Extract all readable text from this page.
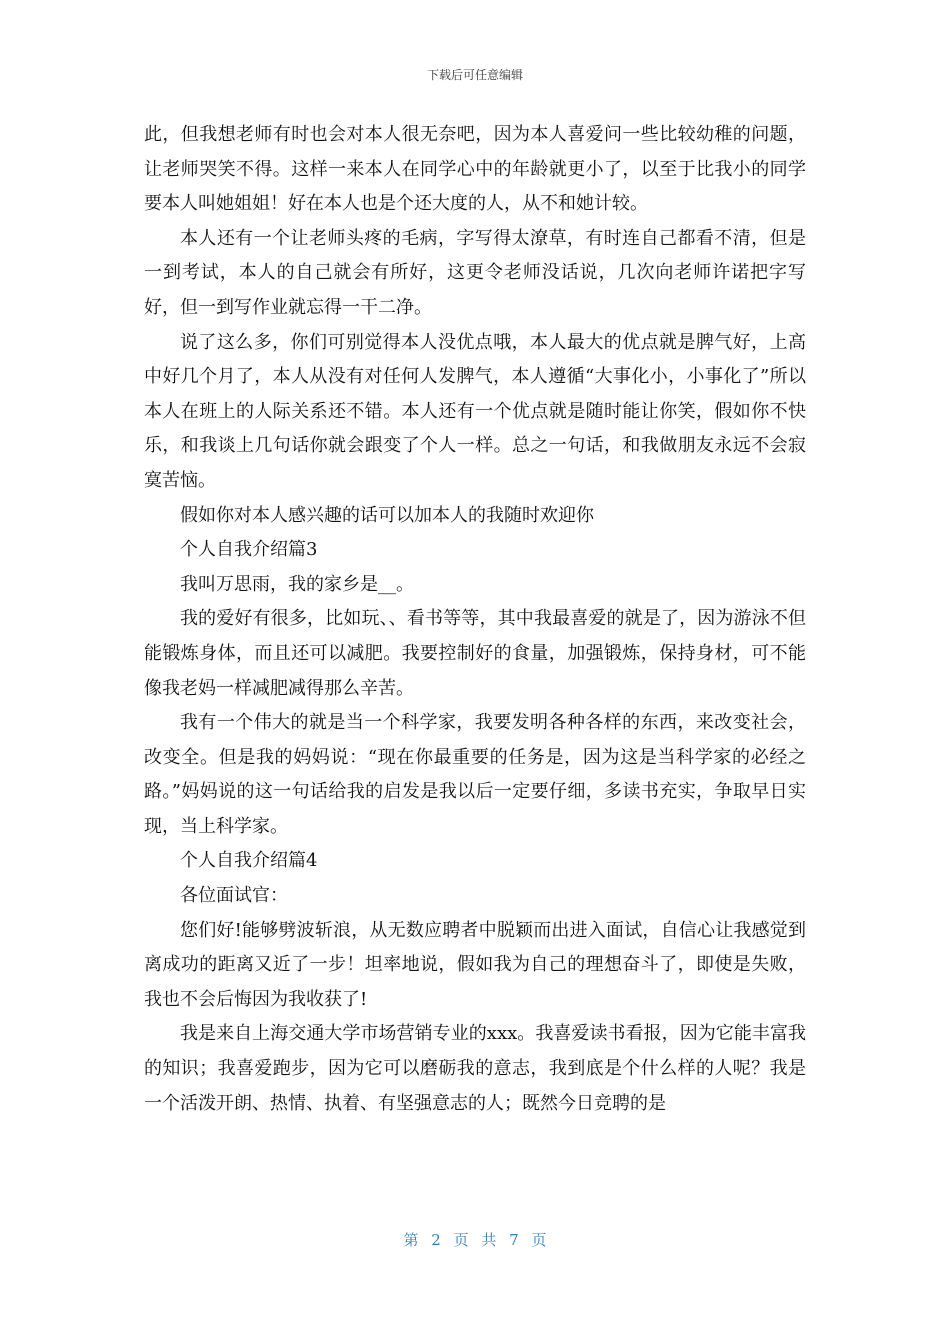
下载后可任意编辑

此，但我想老师有时也会对本人很无奈吧，因为本人喜爱问一些比较幼稚的问题，让老师哭笑不得。这样一来本人在同学心中的年龄就更小了，以至于比我小的同学要本人叫她姐姐！好在本人也是个还大度的人，从不和她计较。

本人还有一个让老师头疼的毛病，字写得太潦草，有时连自己都看不清，但是一到考试，本人的自己就会有所好，这更令老师没话说，几次向老师许诺把字写好，但一到写作业就忘得一干二净。

说了这么多，你们可别觉得本人没优点哦，本人最大的优点就是脾气好，上高中好几个月了，本人从没有对任何人发脾气，本人遵循“大事化小，小事化了”所以本人在班上的人际关系还不错。本人还有一个优点就是随时能让你笑，假如你不快乐，和我谈上几句话你就会跟变了个人一样。总之一句话，和我做朋友永远不会寂寞苦恼。

假如你对本人感兴趣的话可以加本人的我随时欢迎你

个人自我介绍篇3

我叫万思雨，我的家乡是__。

我的爱好有很多，比如玩、、看书等等，其中我最喜爱的就是了，因为游泳不但能锻炼身体，而且还可以减肥。我要控制好的食量，加强锻炼，保持身材，可不能像我老妈一样减肥减得那么辛苦。

我有一个伟大的就是当一个科学家，我要发明各种各样的东西，来改变社会，改变全。但是我的妈妈说：“现在你最重要的任务是，因为这是当科学家的必经之路。”妈妈说的这一句话给我的启发是我以后一定要仔细，多读书充实，争取早日实现，当上科学家。

个人自我介绍篇4

各位面试官：

您们好!能够劈波斩浪，从无数应聘者中脱颖而出进入面试，自信心让我感觉到离成功的距离又近了一步！坦率地说，假如我为自己的理想奋斗了，即使是失败，我也不会后悔因为我收获了!

我是来自上海交通大学市场营销专业的xxx。我喜爱读书看报，因为它能丰富我的知识；我喜爱跑步，因为它可以磨砺我的意志，我到底是个什么样的人呢？我是一个活泼开朗、热情、执着、有坚强意志的人；既然今日竞聘的是

第 2 页 共 7 页
